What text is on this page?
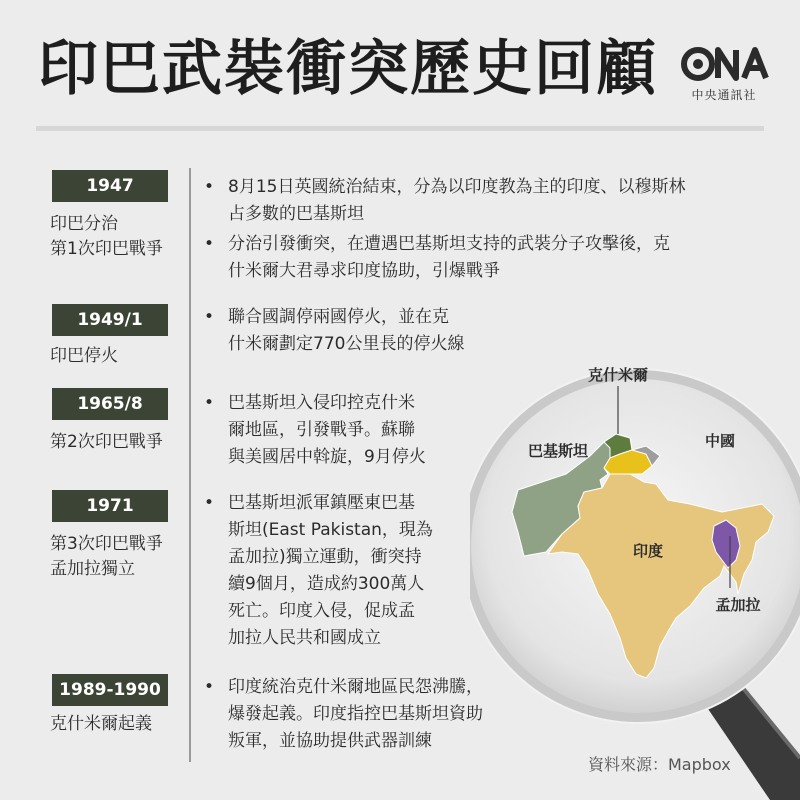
印巴武裝衝突歷史回顧	中央通訊社
1947
印巴分治
第1次印巴戰爭
• 8月15日英國統治結束，分為以印度教為主的印度、以穆斯林
占多數的巴基斯坦
• 分治引發衝突，在遭遇巴基斯坦支持的武裝分子攻擊後，克
什米爾大君尋求印度協助，引爆戰爭
1949/1
印巴停火
• 聯合國調停兩國停火，並在克
什米爾劃定770公里長的停火線
1965/8
第2次印巴戰爭
• 巴基斯坦入侵印控克什米
爾地區，引發戰爭。蘇聯
與美國居中斡旋，9月停火
1971
第3次印巴戰爭
孟加拉獨立
• 巴基斯坦派軍鎮壓東巴基
斯坦(East Pakistan，現為
孟加拉)獨立運動，衝突持
續9個月，造成約300萬人
死亡。印度入侵，促成孟
加拉人民共和國成立
1989-1990
克什米爾起義
• 印度統治克什米爾地區民怨沸騰，
爆發起義。印度指控巴基斯坦資助
叛軍，並協助提供武器訓練
克什米爾
巴基斯坦
中國
印度
孟加拉
資料來源：Mapbox
